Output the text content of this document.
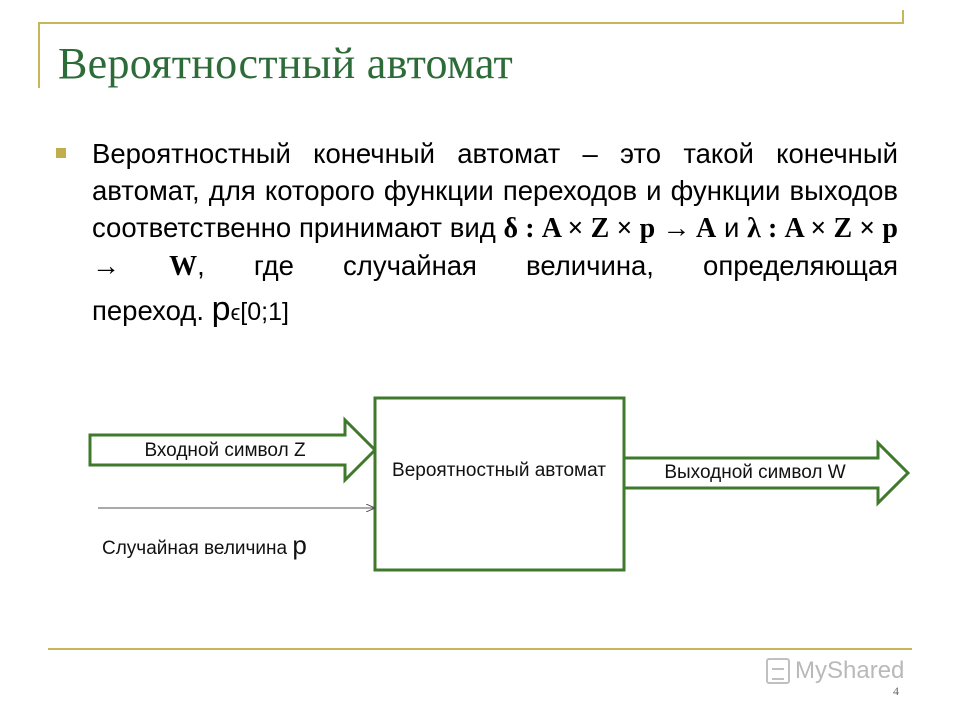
Вероятностный автомат
Вероятностный конечный автомат – это такой конечный автомат, для которого функции переходов и функции выходов соответственно принимают вид δ : A × Z × p → A и λ : A × Z × p → W, где случайная величина, определяющая
переход. pϵ[0;1]
Входной символ Z
Вероятностный автомат	Выходной символ W
Случайная величина p
MyShared
4
